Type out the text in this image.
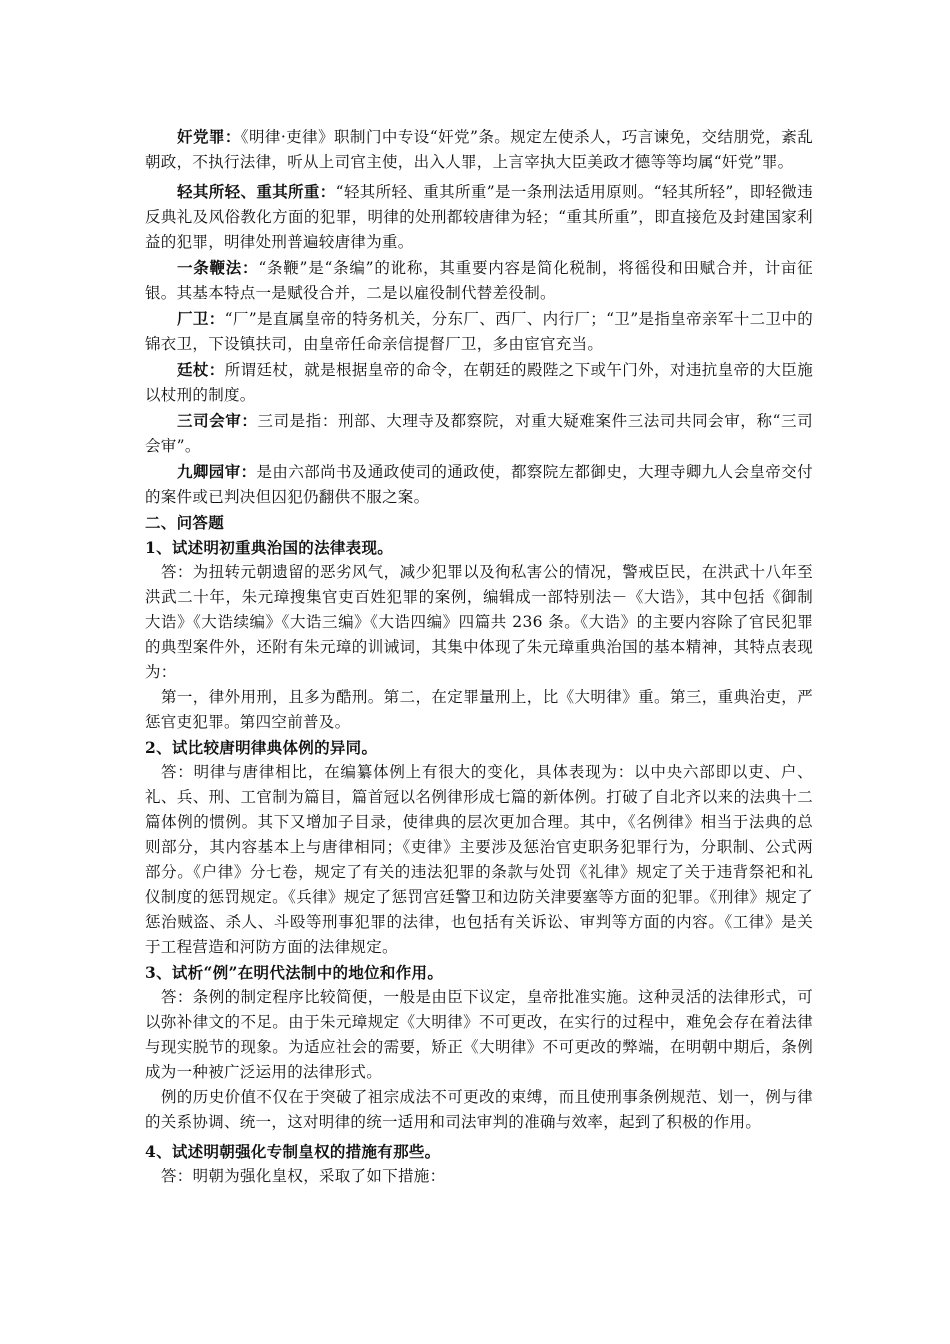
奸党罪：《明律·吏律》职制门中专设“奸党”条。规定左使杀人，巧言谏免，交结朋党，紊乱朝政，不执行法律，听从上司官主使，出入人罪，上言宰执大臣美政才德等等均属“奸党”罪。

轻其所轻、重其所重：“轻其所轻、重其所重”是一条刑法适用原则。“轻其所轻”，即轻微违反典礼及风俗教化方面的犯罪，明律的处刑都较唐律为轻；“重其所重”，即直接危及封建国家利益的犯罪，明律处刑普遍较唐律为重。

一条鞭法：“条鞭”是“条编”的讹称，其重要内容是简化税制，将徭役和田赋合并，计亩征银。其基本特点一是赋役合并，二是以雇役制代替差役制。

厂卫：“厂”是直属皇帝的特务机关，分东厂、西厂、内行厂；“卫”是指皇帝亲军十二卫中的锦衣卫，下设镇扶司，由皇帝任命亲信提督厂卫，多由宦官充当。

廷杖：所谓廷杖，就是根据皇帝的命令，在朝廷的殿陛之下或午门外，对违抗皇帝的大臣施以杖刑的制度。

三司会审：三司是指：刑部、大理寺及都察院，对重大疑难案件三法司共同会审，称“三司会审”。

九卿园审：是由六部尚书及通政使司的通政使，都察院左都御史，大理寺卿九人会皇帝交付的案件或已判决但囚犯仍翻供不服之案。

二、问答题

1、试述明初重典治国的法律表现。

答：为扭转元朝遗留的恶劣风气，减少犯罪以及徇私害公的情况，警戒臣民，在洪武十八年至洪武二十年，朱元璋搜集官吏百姓犯罪的案例，编辑成一部特别法－《大诰》，其中包括《御制大诰》《大诰续编》《大诰三编》《大诰四编》四篇共 236 条。《大诰》的主要内容除了官民犯罪的典型案件外，还附有朱元璋的训诫词，其集中体现了朱元璋重典治国的基本精神，其特点表现为：

第一，律外用刑，且多为酷刑。第二，在定罪量刑上，比《大明律》重。第三，重典治吏，严惩官吏犯罪。第四空前普及。

2、试比较唐明律典体例的异同。

答：明律与唐律相比，在编纂体例上有很大的变化，具体表现为：以中央六部即以吏、户、礼、兵、刑、工官制为篇目，篇首冠以名例律形成七篇的新体例。打破了自北齐以来的法典十二篇体例的惯例。其下又增加子目录，使律典的层次更加合理。其中，《名例律》相当于法典的总则部分，其内容基本上与唐律相同；《吏律》主要涉及惩治官吏职务犯罪行为，分职制、公式两部分。《户律》分七卷，规定了有关的违法犯罪的条款与处罚《礼律》规定了关于违背祭祀和礼仪制度的惩罚规定。《兵律》规定了惩罚宫廷警卫和边防关津要塞等方面的犯罪。《刑律》规定了惩治贼盗、杀人、斗殴等刑事犯罪的法律，也包括有关诉讼、审判等方面的内容。《工律》是关于工程营造和河防方面的法律规定。

3、试析“例”在明代法制中的地位和作用。

答：条例的制定程序比较简便，一般是由臣下议定，皇帝批准实施。这种灵活的法律形式，可以弥补律文的不足。由于朱元璋规定《大明律》不可更改，在实行的过程中，难免会存在着法律与现实脱节的现象。为适应社会的需要，矫正《大明律》不可更改的弊端，在明朝中期后，条例成为一种被广泛运用的法律形式。

例的历史价值不仅在于突破了祖宗成法不可更改的束缚，而且使刑事条例规范、划一，例与律的关系协调、统一，这对明律的统一适用和司法审判的准确与效率，起到了积极的作用。

4、试述明朝强化专制皇权的措施有那些。

答：明朝为强化皇权，采取了如下措施：
